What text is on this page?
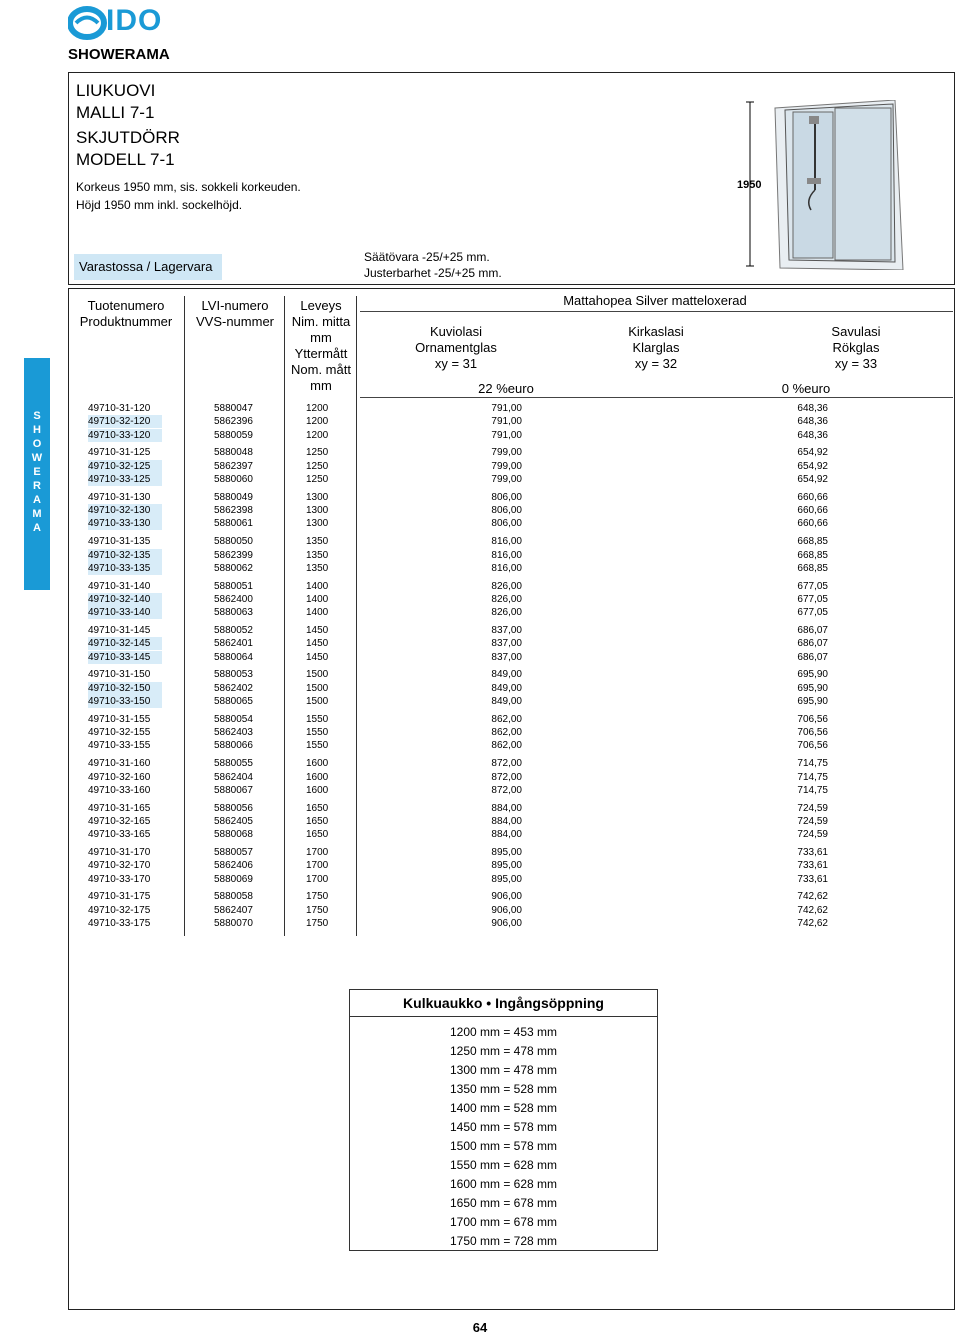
IDO
SHOWERAMA
LIUKUOVI
MALLI 7-1
SKJUTDÖRR
MODELL 7-1
Korkeus 1950 mm, sis. sokkeli korkeuden.
Höjd 1950 mm inkl. sockelhöjd.
Varastossa / Lagervara
Säätövara -25/+25 mm.
Justerbarhet -25/+25 mm.
1950
S
H
O
W
E
R
A
M
A
Tuotenumero
Produktnummer
LVI-numero
VVS-nummer
Leveys
Nim. mitta
mm
Yttermått
Nom. mått
mm
Mattahopea Silver matteloxerad
Kuviolasi
Ornamentglas
xy = 31
Kirkaslasi
Klarglas
xy = 32
Savulasi
Rökglas
xy = 33
22 %euro	0 %euro
49710-31-120	5880047	1200	791,00	648,36
49710-32-120	5862396	1200	791,00	648,36
49710-33-120	5880059	1200	791,00	648,36
49710-31-125	5880048	1250	799,00	654,92
49710-32-125	5862397	1250	799,00	654,92
49710-33-125	5880060	1250	799,00	654,92
49710-31-130	5880049	1300	806,00	660,66
49710-32-130	5862398	1300	806,00	660,66
49710-33-130	5880061	1300	806,00	660,66
49710-31-135	5880050	1350	816,00	668,85
49710-32-135	5862399	1350	816,00	668,85
49710-33-135	5880062	1350	816,00	668,85
49710-31-140	5880051	1400	826,00	677,05
49710-32-140	5862400	1400	826,00	677,05
49710-33-140	5880063	1400	826,00	677,05
49710-31-145	5880052	1450	837,00	686,07
49710-32-145	5862401	1450	837,00	686,07
49710-33-145	5880064	1450	837,00	686,07
49710-31-150	5880053	1500	849,00	695,90
49710-32-150	5862402	1500	849,00	695,90
49710-33-150	5880065	1500	849,00	695,90
49710-31-155	5880054	1550	862,00	706,56
49710-32-155	5862403	1550	862,00	706,56
49710-33-155	5880066	1550	862,00	706,56
49710-31-160	5880055	1600	872,00	714,75
49710-32-160	5862404	1600	872,00	714,75
49710-33-160	5880067	1600	872,00	714,75
49710-31-165	5880056	1650	884,00	724,59
49710-32-165	5862405	1650	884,00	724,59
49710-33-165	5880068	1650	884,00	724,59
49710-31-170	5880057	1700	895,00	733,61
49710-32-170	5862406	1700	895,00	733,61
49710-33-170	5880069	1700	895,00	733,61
49710-31-175	5880058	1750	906,00	742,62
49710-32-175	5862407	1750	906,00	742,62
49710-33-175	5880070	1750	906,00	742,62
Kulkuaukko • Ingångsöppning
1200 mm = 453 mm
1250 mm = 478 mm
1300 mm = 478 mm
1350 mm = 528 mm
1400 mm = 528 mm
1450 mm = 578 mm
1500 mm = 578 mm
1550 mm = 628 mm
1600 mm = 628 mm
1650 mm = 678 mm
1700 mm = 678 mm
1750 mm = 728 mm
64
